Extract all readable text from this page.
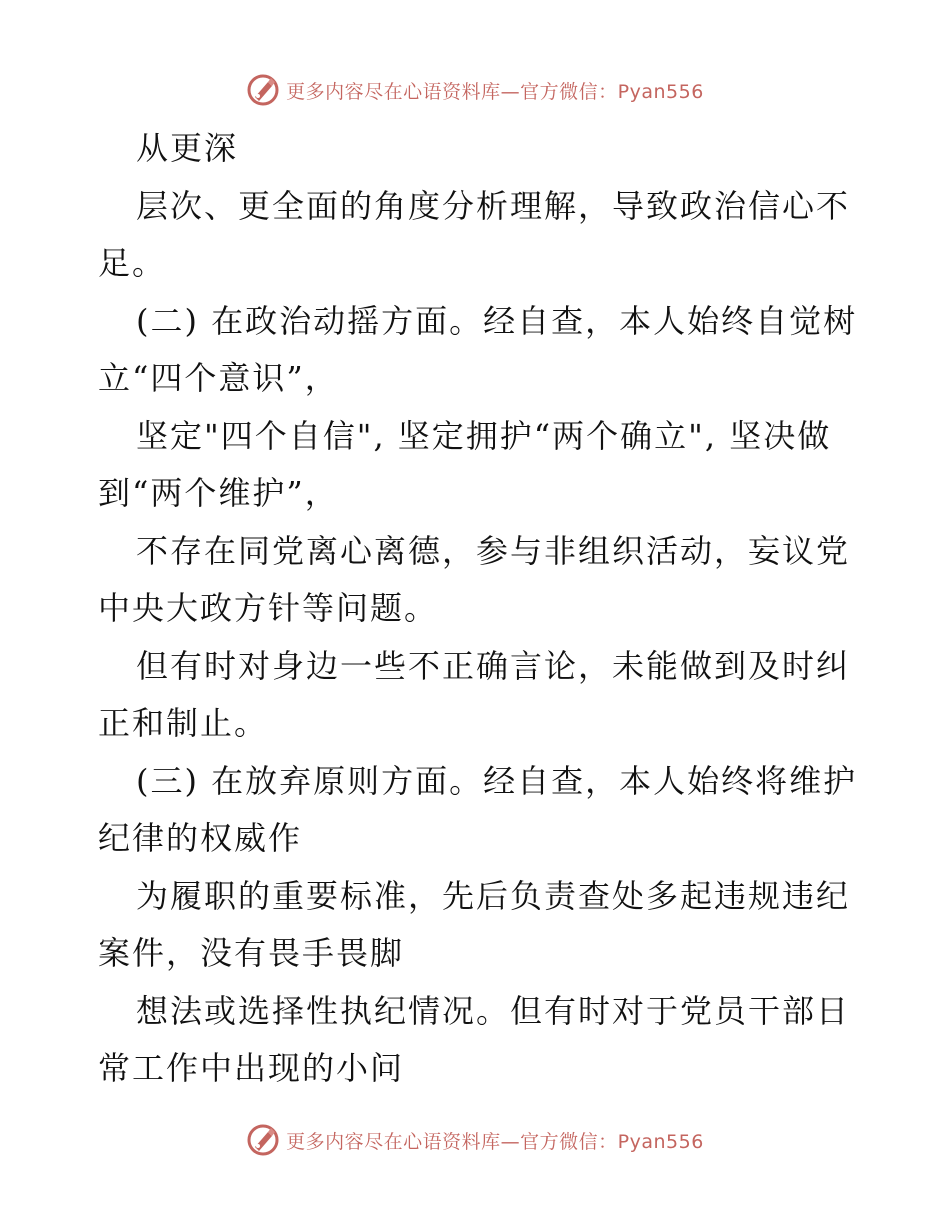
更多内容尽在心语资料库—官方微信：Pyan556

从更深

层次、更全面的角度分析理解，导致政治信心不

足。

(二) 在政治动摇方面。经自查，本人始终自觉树

立“四个意识”，

坚定"四个自信", 坚定拥护“两个确立", 坚决做

到“两个维护”，

不存在同党离心离德，参与非组织活动，妄议党

中央大政方针等问题。

但有时对身边一些不正确言论，未能做到及时纠

正和制止。

(三) 在放弃原则方面。经自查，本人始终将维护

纪律的权威作

为履职的重要标准，先后负责查处多起违规违纪

案件，没有畏手畏脚

想法或选择性执纪情况。但有时对于党员干部日

常工作中出现的小问

更多内容尽在心语资料库—官方微信：Pyan556
